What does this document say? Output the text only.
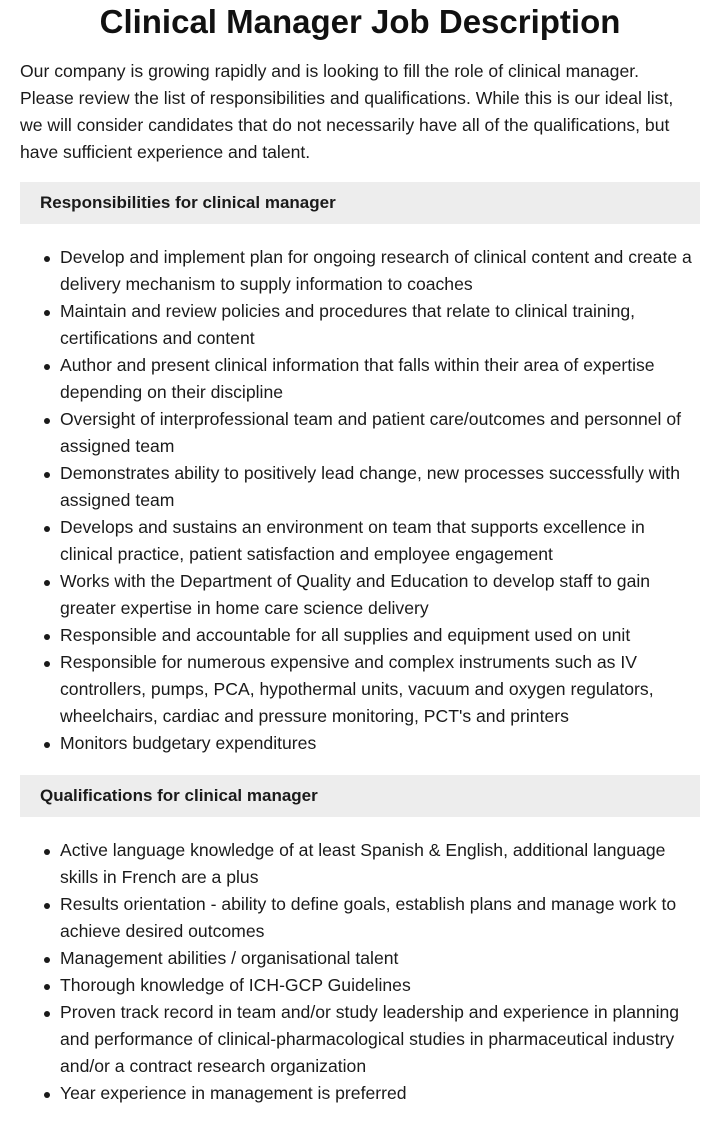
Clinical Manager Job Description

Our company is growing rapidly and is looking to fill the role of clinical manager. Please review the list of responsibilities and qualifications. While this is our ideal list, we will consider candidates that do not necessarily have all of the qualifications, but have sufficient experience and talent.

Responsibilities for clinical manager
Develop and implement plan for ongoing research of clinical content and create a delivery mechanism to supply information to coaches
Maintain and review policies and procedures that relate to clinical training, certifications and content
Author and present clinical information that falls within their area of expertise depending on their discipline
Oversight of interprofessional team and patient care/outcomes and personnel of assigned team
Demonstrates ability to positively lead change, new processes successfully with assigned team
Develops and sustains an environment on team that supports excellence in clinical practice, patient satisfaction and employee engagement
Works with the Department of Quality and Education to develop staff to gain greater expertise in home care science delivery
Responsible and accountable for all supplies and equipment used on unit
Responsible for numerous expensive and complex instruments such as IV controllers, pumps, PCA, hypothermal units, vacuum and oxygen regulators, wheelchairs, cardiac and pressure monitoring, PCT's and printers
Monitors budgetary expenditures
Qualifications for clinical manager
Active language knowledge of at least Spanish & English, additional language skills in French are a plus
Results orientation - ability to define goals, establish plans and manage work to achieve desired outcomes
Management abilities / organisational talent
Thorough knowledge of ICH-GCP Guidelines
Proven track record in team and/or study leadership and experience in planning and performance of clinical-pharmacological studies in pharmaceutical industry and/or a contract research organization
Year experience in management is preferred
